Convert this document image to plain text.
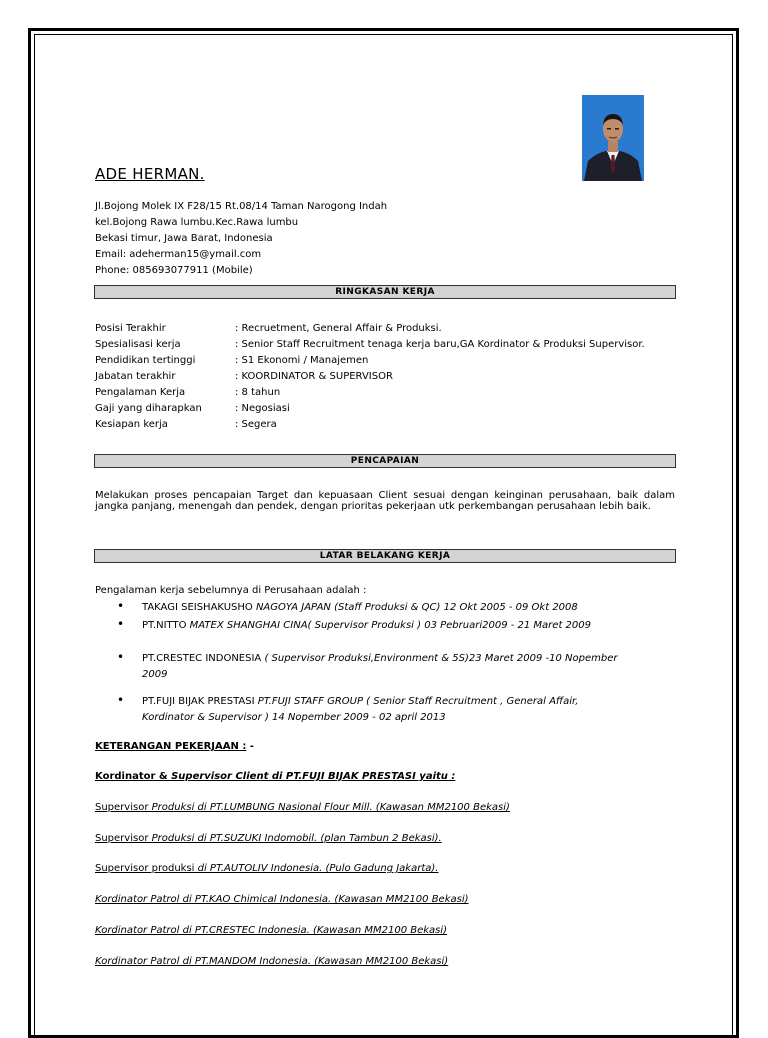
ADE HERMAN.
Jl.Bojong Molek IX F28/15 Rt.08/14 Taman Narogong Indah
kel.Bojong Rawa lumbu.Kec.Rawa lumbu
Bekasi timur, Jawa Barat, Indonesia
Email: adeherman15@ymail.com
Phone: 085693077911 (Mobile)
RINGKASAN KERJA
Posisi Terakhir	: Recruetment, General Affair & Produksi.
Spesialisasi kerja	: Senior Staff Recruitment tenaga kerja baru,GA Kordinator & Produksi Supervisor.
Pendidikan tertinggi	: S1 Ekonomi / Manajemen
Jabatan terakhir	: KOORDINATOR & SUPERVISOR
Pengalaman Kerja	: 8 tahun
Gaji yang diharapkan	: Negosiasi
Kesiapan kerja	: Segera
PENCAPAIAN
Melakukan proses pencapaian Target dan kepuasaan Client sesuai dengan keinginan perusahaan, baik dalam jangka panjang, menengah dan pendek, dengan prioritas pekerjaan utk perkembangan perusahaan lebih baik.
LATAR BELAKANG KERJA
Pengalaman kerja sebelumnya di Perusahaan adalah :
•	TAKAGI SEISHAKUSHO NAGOYA JAPAN (Staff Produksi & QC) 12 Okt 2005 - 09 Okt 2008
•	PT.NITTO MATEX SHANGHAI CINA( Supervisor Produksi ) 03 Pebruari2009 - 21 Maret 2009
•	PT.CRESTEC INDONESIA ( Supervisor Produksi,Environment & 5S)23 Maret 2009 -10 Nopember
2009
•	PT.FUJI BIJAK PRESTASI PT.FUJI STAFF GROUP ( Senior Staff Recruitment , General Affair,
Kordinator & Supervisor ) 14 Nopember 2009 - 02 april 2013
KETERANGAN PEKERJAAN : -
Kordinator & Supervisor Client di PT.FUJI BIJAK PRESTASI yaitu :
Supervisor Produksi di PT.LUMBUNG Nasional Flour Mill. (Kawasan MM2100 Bekasi)
Supervisor Produksi di PT.SUZUKI Indomobil. (plan Tambun 2 Bekasi).
Supervisor produksi di PT.AUTOLIV Indonesia. (Pulo Gadung Jakarta).
Kordinator Patrol di PT.KAO Chimical Indonesia. (Kawasan MM2100 Bekasi)
Kordinator Patrol di PT.CRESTEC Indonesia. (Kawasan MM2100 Bekasi)
Kordinator Patrol di PT.MANDOM Indonesia. (Kawasan MM2100 Bekasi)
